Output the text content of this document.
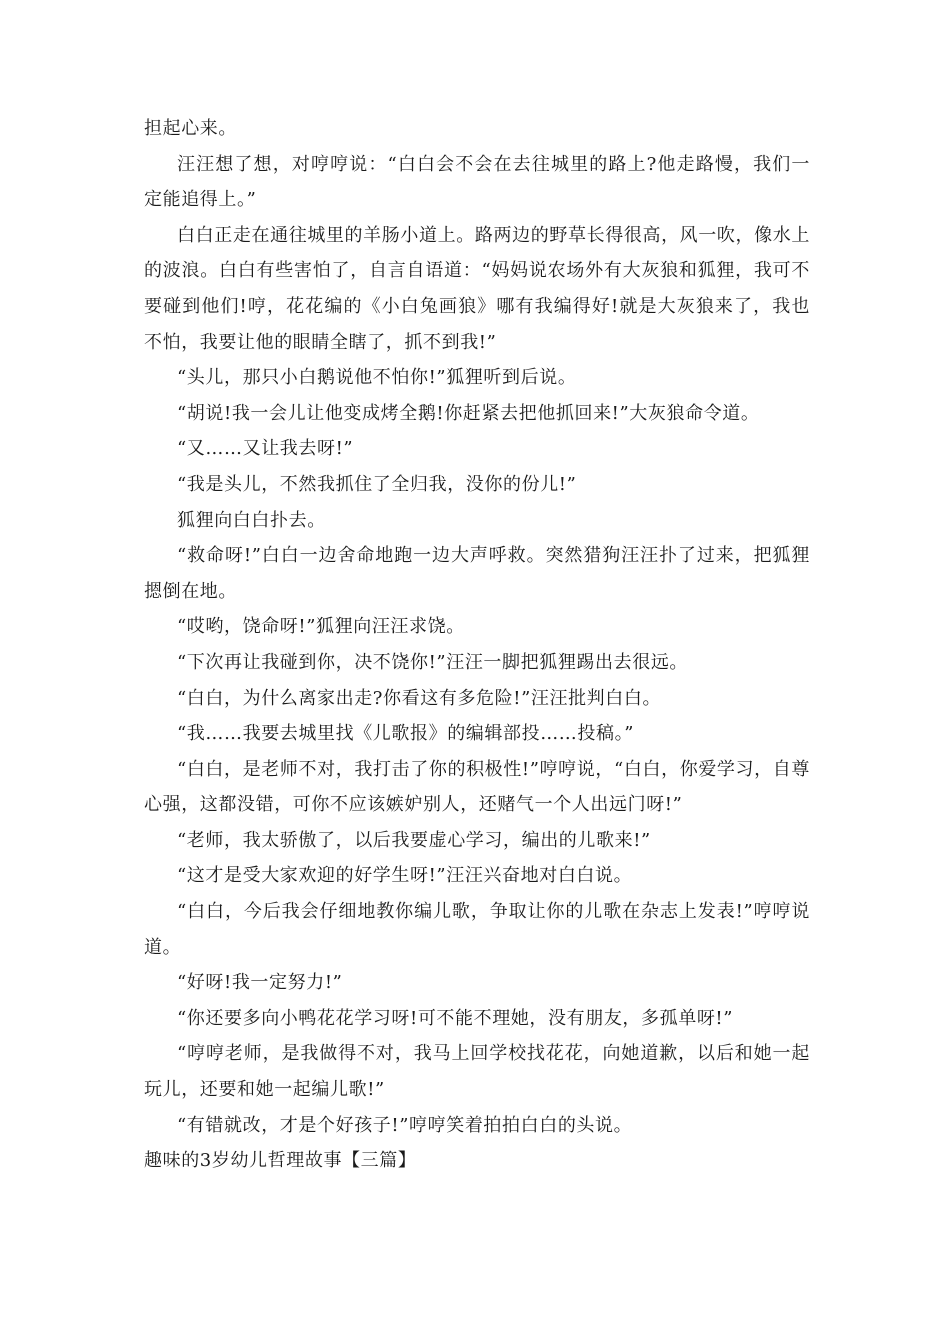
担起心来。

汪汪想了想，对哼哼说：“白白会不会在去往城里的路上?他走路慢，我们一定能追得上。”

白白正走在通往城里的羊肠小道上。路两边的野草长得很高，风一吹，像水上的波浪。白白有些害怕了，自言自语道：“妈妈说农场外有大灰狼和狐狸，我可不要碰到他们!哼，花花编的《小白兔画狼》哪有我编得好!就是大灰狼来了，我也不怕，我要让他的眼睛全瞎了，抓不到我!”

“头儿，那只小白鹅说他不怕你!”狐狸听到后说。

“胡说!我一会儿让他变成烤全鹅!你赶紧去把他抓回来!”大灰狼命令道。

“又……又让我去呀!”

“我是头儿，不然我抓住了全归我，没你的份儿!”

狐狸向白白扑去。

“救命呀!”白白一边舍命地跑一边大声呼救。突然猎狗汪汪扑了过来，把狐狸摁倒在地。

“哎哟，饶命呀!”狐狸向汪汪求饶。

“下次再让我碰到你，决不饶你!”汪汪一脚把狐狸踢出去很远。

“白白，为什么离家出走?你看这有多危险!”汪汪批判白白。

“我……我要去城里找《儿歌报》的编辑部投……投稿。”

“白白，是老师不对，我打击了你的积极性!”哼哼说，“白白，你爱学习，自尊心强，这都没错，可你不应该嫉妒别人，还赌气一个人出远门呀!”

“老师，我太骄傲了，以后我要虚心学习，编出的儿歌来!”

“这才是受大家欢迎的好学生呀!”汪汪兴奋地对白白说。

“白白，今后我会仔细地教你编儿歌，争取让你的儿歌在杂志上发表!”哼哼说道。

“好呀!我一定努力!”

“你还要多向小鸭花花学习呀!可不能不理她，没有朋友，多孤单呀!”

“哼哼老师，是我做得不对，我马上回学校找花花，向她道歉，以后和她一起玩儿，还要和她一起编儿歌!”

“有错就改，才是个好孩子!”哼哼笑着拍拍白白的头说。

趣味的3岁幼儿哲理故事【三篇】
